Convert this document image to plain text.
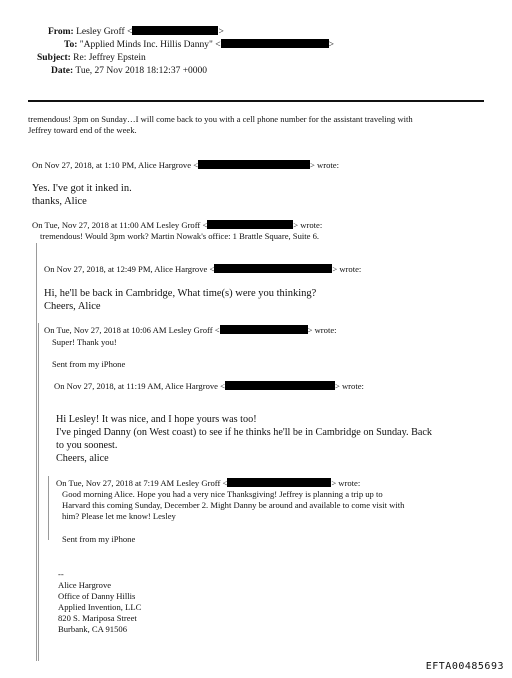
From: Lesley Groff <	>
To: "Applied Minds Inc. Hillis Danny" <	>
Subject: Re: Jeffrey Epstein
Date: Tue, 27 Nov 2018 18:12:37 +0000
tremendous! 3pm on Sunday…I will come back to you with a cell phone number for the assistant traveling with
Jeffrey toward end of the week.
On Nov 27, 2018, at 1:10 PM, Alice Hargrove <	> wrote:
Yes. I've got it inked in.
thanks, Alice
On Tue, Nov 27, 2018 at 11:00 AM Lesley Groff <	> wrote:
tremendous! Would 3pm work? Martin Nowak's office: 1 Brattle Square, Suite 6.
On Nov 27, 2018, at 12:49 PM, Alice Hargrove <	> wrote:
Hi, he'll be back in Cambridge, What time(s) were you thinking?
Cheers, Alice
On Tue, Nov 27, 2018 at 10:06 AM Lesley Groff <	> wrote:
Super! Thank you!
Sent from my iPhone
On Nov 27, 2018, at 11:19 AM, Alice Hargrove <	> wrote:
Hi Lesley! It was nice, and I hope yours was too!
I've pinged Danny (on West coast) to see if he thinks he'll be in Cambridge on Sunday. Back
to you soonest.
Cheers, alice
On Tue, Nov 27, 2018 at 7:19 AM Lesley Groff <	> wrote:
Good morning Alice. Hope you had a very nice Thanksgiving! Jeffrey is planning a trip up to
Harvard this coming Sunday, December 2. Might Danny be around and available to come visit with
him? Please let me know! Lesley
Sent from my iPhone
--
Alice Hargrove
Office of Danny Hillis
Applied Invention, LLC
820 S. Mariposa Street
Burbank, CA 91506
EFTA00485693
